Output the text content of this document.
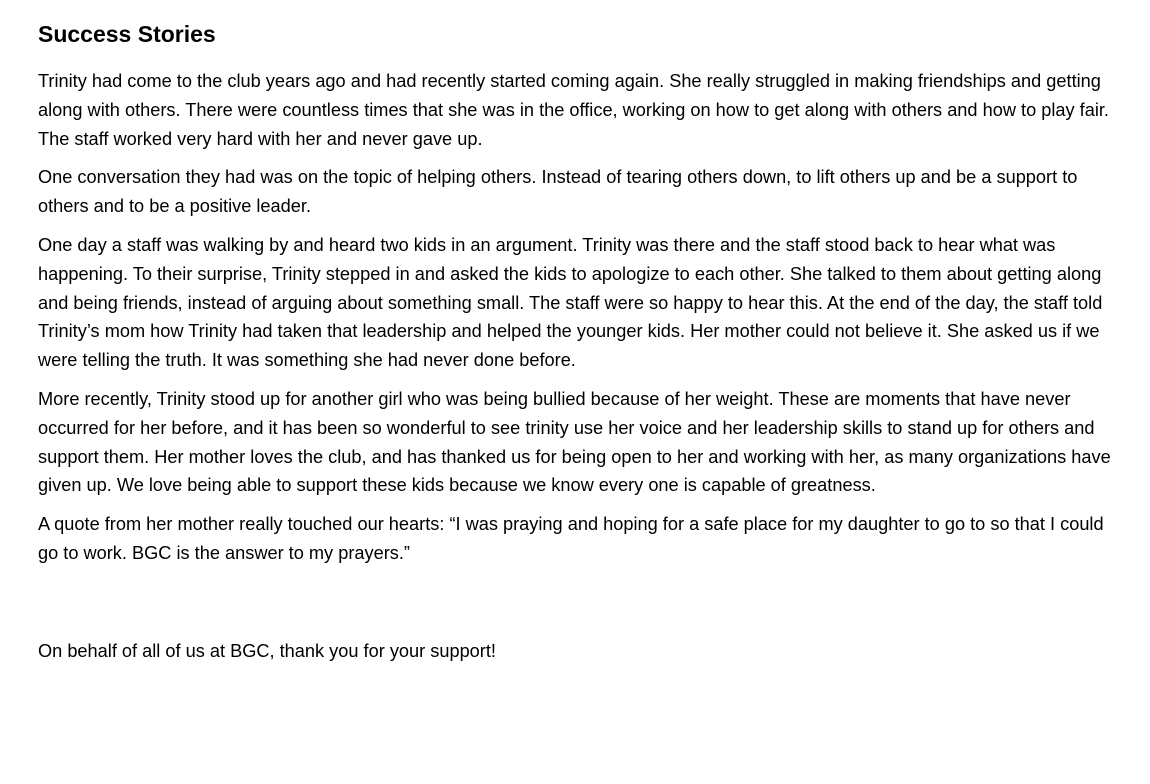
Success Stories

Trinity had come to the club years ago and had recently started coming again. She really struggled in making friendships and getting along with others. There were countless times that she was in the office, working on how to get along with others and how to play fair. The staff worked very hard with her and never gave up.

One conversation they had was on the topic of helping others. Instead of tearing others down, to lift others up and be a support to others and to be a positive leader.

One day a staff was walking by and heard two kids in an argument. Trinity was there and the staff stood back to hear what was happening. To their surprise, Trinity stepped in and asked the kids to apologize to each other. She talked to them about getting along and being friends, instead of arguing about something small. The staff were so happy to hear this. At the end of the day, the staff told Trinity’s mom how Trinity had taken that leadership and helped the younger kids. Her mother could not believe it. She asked us if we were telling the truth. It was something she had never done before.

More recently, Trinity stood up for another girl who was being bullied because of her weight. These are moments that have never occurred for her before, and it has been so wonderful to see trinity use her voice and her leadership skills to stand up for others and support them. Her mother loves the club, and has thanked us for being open to her and working with her, as many organizations have given up. We love being able to support these kids because we know every one is capable of greatness.

A quote from her mother really touched our hearts: “I was praying and hoping for a safe place for my daughter to go to so that I could go to work. BGC is the answer to my prayers.”

On behalf of all of us at BGC, thank you for your support!
